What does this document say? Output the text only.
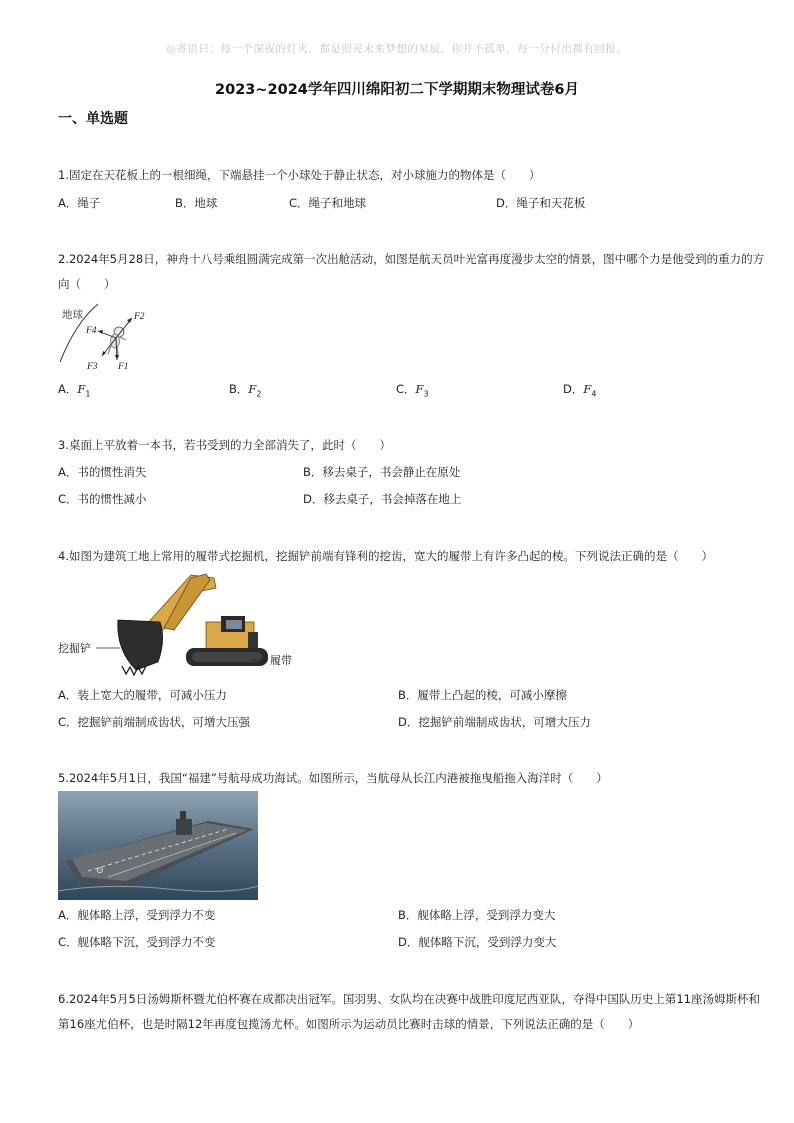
◎寄语曰：每一个深夜的灯火，都是照亮未来梦想的星辰，你并不孤单，每一分付出都有回报。
2023~2024学年四川绵阳初二下学期期末物理试卷6月
一、单选题
1.固定在天花板上的一根细绳，下端悬挂一个小球处于静止状态，对小球施力的物体是（　　）
A．绳子	B．地球	C．绳子和地球	D．绳子和天花板
2.2024年5月28日，神舟十八号乘组圆满完成第一次出舱活动，如图是航天员叶光富再度漫步太空的情景，图中哪个力是他受到的重力的方
向（　　）
地球	F2
F4
F3 F1
A．$F_1$	B．$F_2$	C．$F_3$	D．$F_4$
3.桌面上平放着一本书，若书受到的力全部消失了，此时（　　）
A．书的惯性消失	B．移去桌子，书会静止在原处
C．书的惯性减小	D．移去桌子，书会掉落在地上
4.如图为建筑工地上常用的履带式挖掘机，挖掘铲前端有锋利的挖齿，宽大的履带上有许多凸起的棱。下列说法正确的是（　　）
挖掘铲
履带
A．装上宽大的履带，可减小压力	B．履带上凸起的棱，可减小摩擦
C．挖掘铲前端制成齿状，可增大压强	D．挖掘铲前端制成齿状，可增大压力
5.2024年5月1日，我国“福建”号航母成功海试。如图所示，当航母从长江内港被拖曳船拖入海洋时（　　）
⊙
A．舰体略上浮，受到浮力不变	B．舰体略上浮，受到浮力变大
C．舰体略下沉，受到浮力不变	D．舰体略下沉，受到浮力变大
6.2024年5月5日汤姆斯杯暨尤伯杯赛在成都决出冠军。国羽男、女队均在决赛中战胜印度尼西亚队，夺得中国队历史上第11座汤姆斯杯和
第16座尤伯杯，也是时隔12年再度包揽汤尤杯。如图所示为运动员比赛时击球的情景，下列说法正确的是（　　）
